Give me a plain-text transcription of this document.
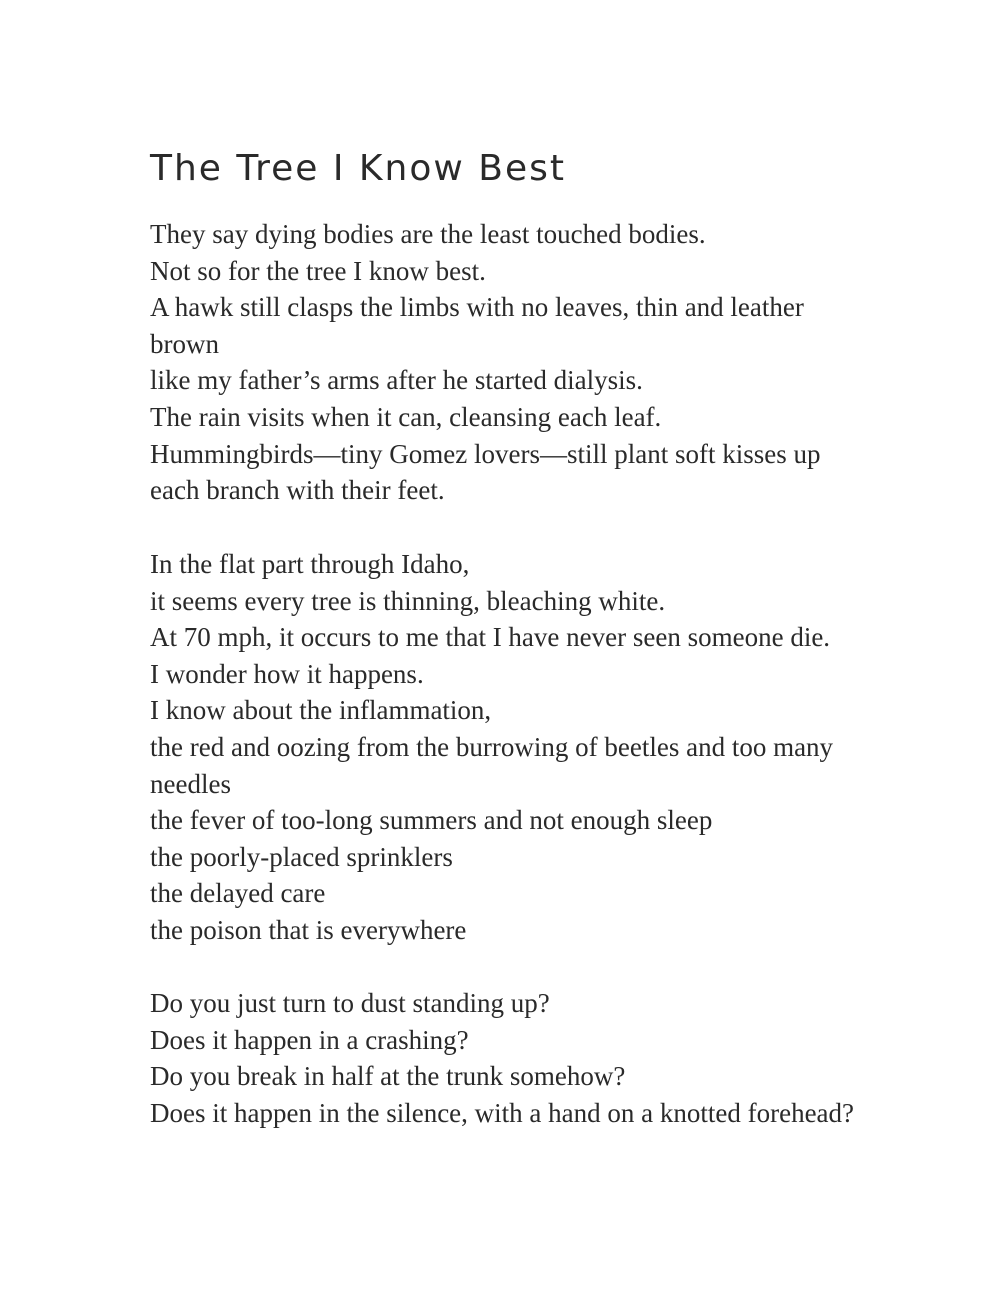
The Tree I Know Best
They say dying bodies are the least touched bodies.
Not so for the tree I know best.
A hawk still clasps the limbs with no leaves, thin and leather
brown
like my father’s arms after he started dialysis.
The rain visits when it can, cleansing each leaf.
Hummingbirds—tiny Gomez lovers—still plant soft kisses up
each branch with their feet.
In the flat part through Idaho,
it seems every tree is thinning, bleaching white.
At 70 mph, it occurs to me that I have never seen someone die.
I wonder how it happens.
I know about the inflammation,
the red and oozing from the burrowing of beetles and too many
needles
the fever of too-long summers and not enough sleep
the poorly-placed sprinklers
the delayed care
the poison that is everywhere
Do you just turn to dust standing up?
Does it happen in a crashing?
Do you break in half at the trunk somehow?
Does it happen in the silence, with a hand on a knotted forehead?
